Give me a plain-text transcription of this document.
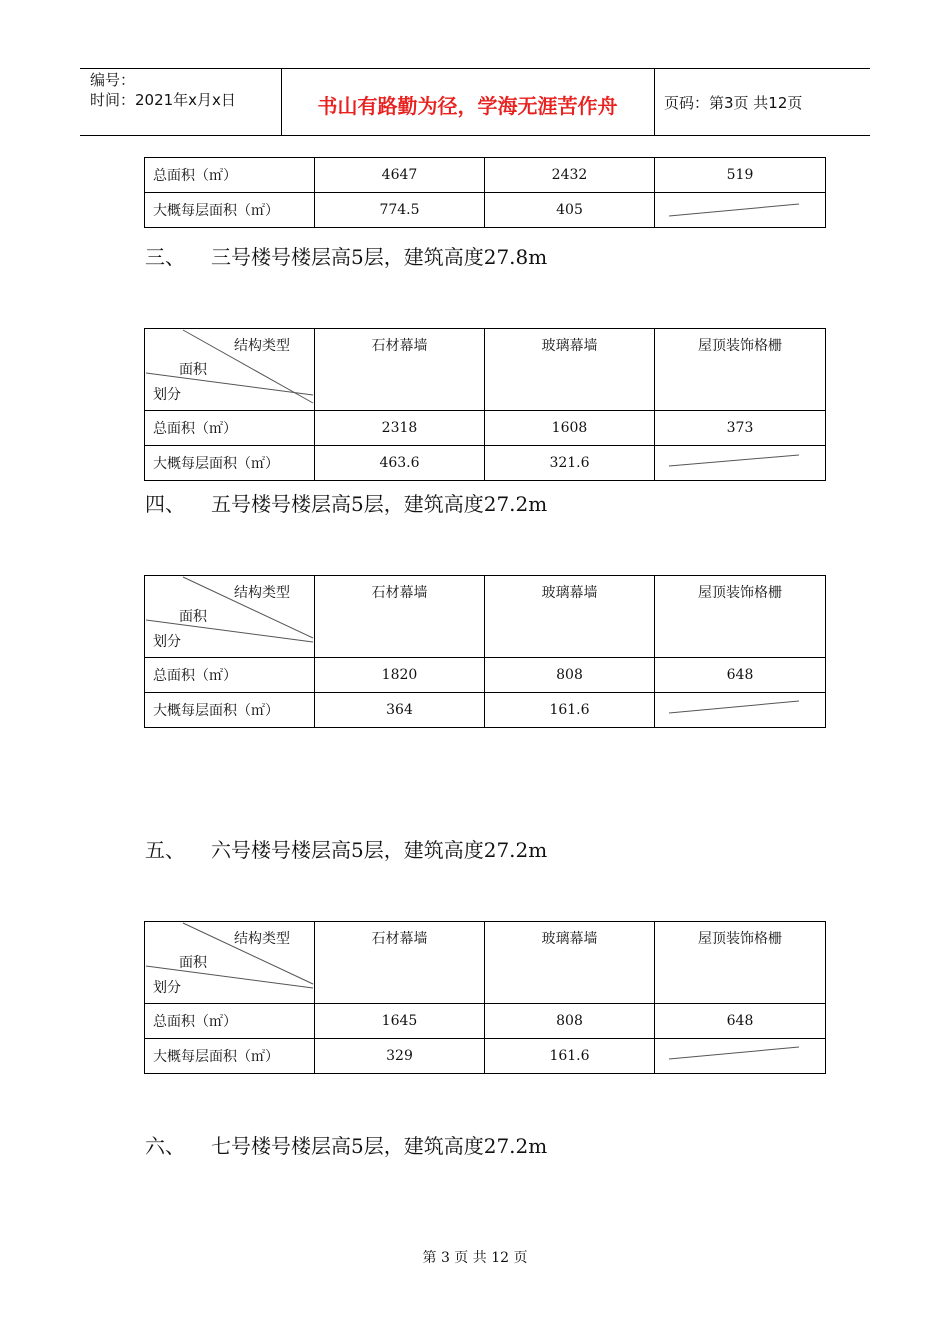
编号：
时间：2021年x月x日	书山有路勤为径，学海无涯苦作舟	页码：第3页 共12页
总面积（㎡）	4647	2432	519
大概每层面积（㎡）	774.5	405	
三、 三号楼号楼层高5层，建筑高度27.8m
结构类型
面积
划分	石材幕墙	玻璃幕墙	屋顶装饰格栅
总面积（㎡）	2318	1608	373
大概每层面积（㎡）	463.6	321.6	
四、 五号楼号楼层高5层，建筑高度27.2m
结构类型
面积
划分	石材幕墙	玻璃幕墙	屋顶装饰格栅
总面积（㎡）	1820	808	648
大概每层面积（㎡）	364	161.6	
五、 六号楼号楼层高5层，建筑高度27.2m
结构类型
面积
划分	石材幕墙	玻璃幕墙	屋顶装饰格栅
总面积（㎡）	1645	808	648
大概每层面积（㎡）	329	161.6	
六、 七号楼号楼层高5层，建筑高度27.2m
第 3 页 共 12 页
